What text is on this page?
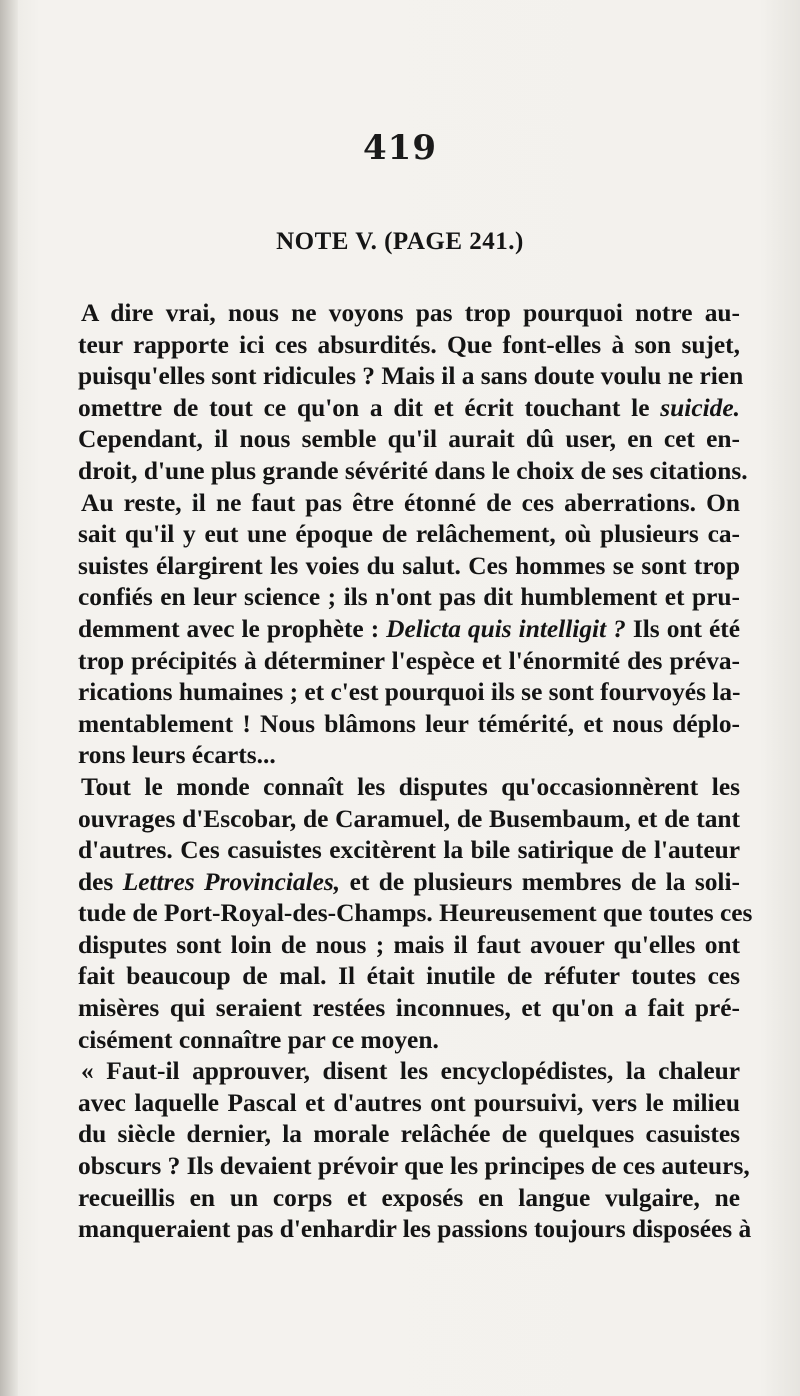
419
NOTE V. (PAGE 241.)

A dire vrai, nous ne voyons pas trop pourquoi notre au-
teur rapporte ici ces absurdités. Que font-elles à son sujet,
puisqu'elles sont ridicules ? Mais il a sans doute voulu ne rien
omettre de tout ce qu'on a dit et écrit touchant le suicide.
Cependant, il nous semble qu'il aurait dû user, en cet en-
droit, d'une plus grande sévérité dans le choix de ses citations.

Au reste, il ne faut pas être étonné de ces aberrations. On
sait qu'il y eut une époque de relâchement, où plusieurs ca-
suistes élargirent les voies du salut. Ces hommes se sont trop
confiés en leur science ; ils n'ont pas dit humblement et pru-
demment avec le prophète : Delicta quis intelligit ? Ils ont été
trop précipités à déterminer l'espèce et l'énormité des préva-
rications humaines ; et c'est pourquoi ils se sont fourvoyés la-
mentablement ! Nous blâmons leur témérité, et nous déplo-
rons leurs écarts...

Tout le monde connaît les disputes qu'occasionnèrent les
ouvrages d'Escobar, de Caramuel, de Busembaum, et de tant
d'autres. Ces casuistes excitèrent la bile satirique de l'auteur
des Lettres Provinciales, et de plusieurs membres de la soli-
tude de Port-Royal-des-Champs. Heureusement que toutes ces
disputes sont loin de nous ; mais il faut avouer qu'elles ont
fait beaucoup de mal. Il était inutile de réfuter toutes ces
misères qui seraient restées inconnues, et qu'on a fait pré-
cisément connaître par ce moyen.

« Faut-il approuver, disent les encyclopédistes, la chaleur
avec laquelle Pascal et d'autres ont poursuivi, vers le milieu
du siècle dernier, la morale relâchée de quelques casuistes
obscurs ? Ils devaient prévoir que les principes de ces auteurs,
recueillis en un corps et exposés en langue vulgaire, ne
manqueraient pas d'enhardir les passions toujours disposées à
